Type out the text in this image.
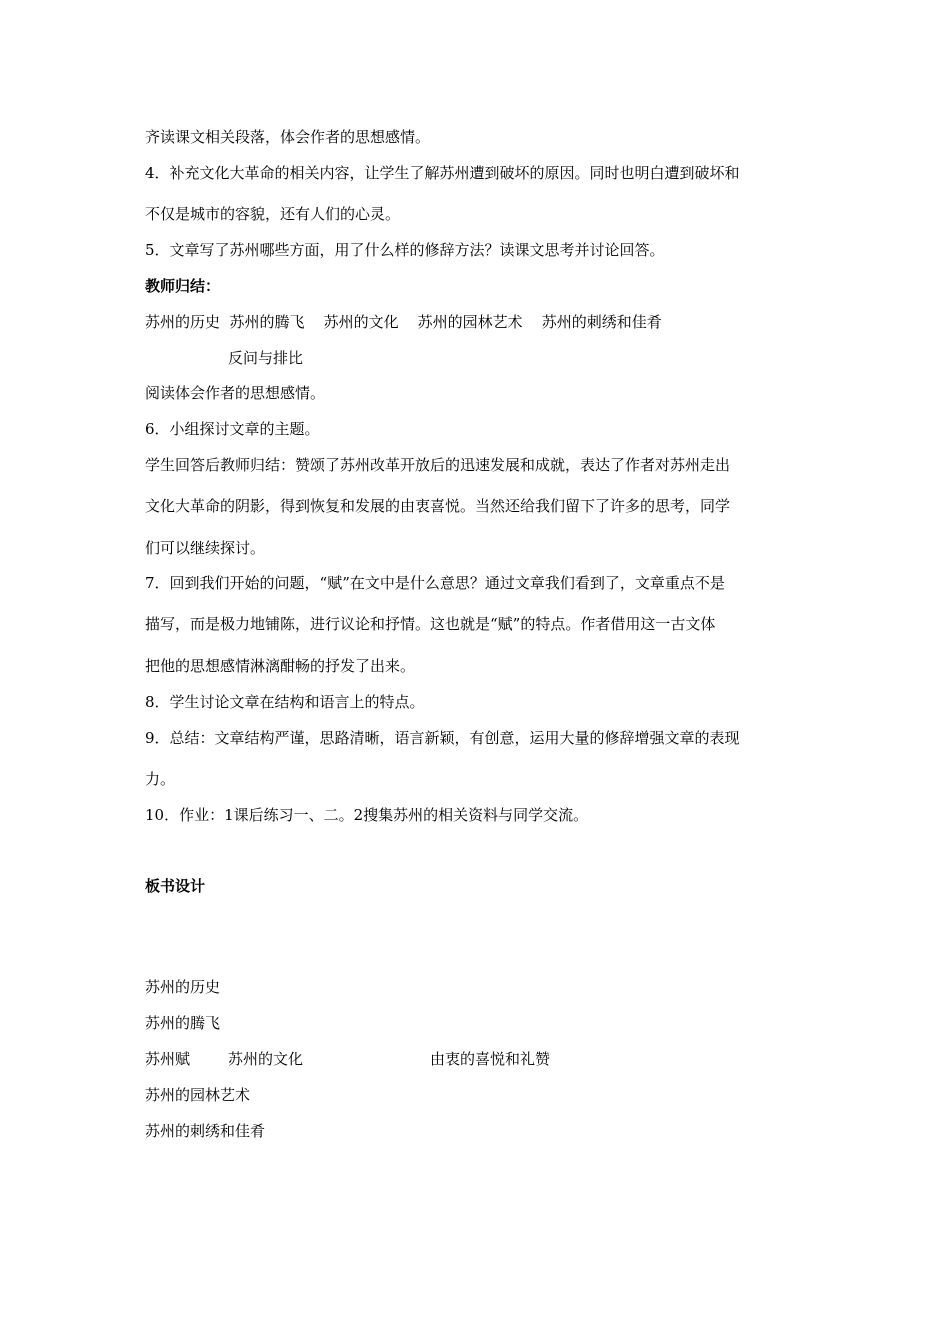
齐读课文相关段落，体会作者的思想感情。

4．补充文化大革命的相关内容，让学生了解苏州遭到破坏的原因。同时也明白遭到破坏和

不仅是城市的容貌，还有人们的心灵。

5．文章写了苏州哪些方面，用了什么样的修辞方法？读课文思考并讨论回答。

教师归结：

苏州的历史  苏州的腾飞    苏州的文化    苏州的园林艺术    苏州的刺绣和佳肴

反问与排比

阅读体会作者的思想感情。

6．小组探讨文章的主题。

学生回答后教师归结：赞颂了苏州改革开放后的迅速发展和成就，表达了作者对苏州走出

文化大革命的阴影，得到恢复和发展的由衷喜悦。当然还给我们留下了许多的思考，同学

们可以继续探讨。

7．回到我们开始的问题，“赋”在文中是什么意思？通过文章我们看到了，文章重点不是

描写，而是极力地铺陈，进行议论和抒情。这也就是“赋”的特点。作者借用这一古文体

把他的思想感情淋漓酣畅的抒发了出来。

8．学生讨论文章在结构和语言上的特点。

9．总结：文章结构严谨，思路清晰，语言新颖，有创意，运用大量的修辞增强文章的表现

力。

10．作业：1课后练习一、二。2搜集苏州的相关资料与同学交流。

板书设计

苏州的历史

苏州的腾飞

苏州赋	苏州的文化	由衷的喜悦和礼赞

苏州的园林艺术

苏州的刺绣和佳肴
